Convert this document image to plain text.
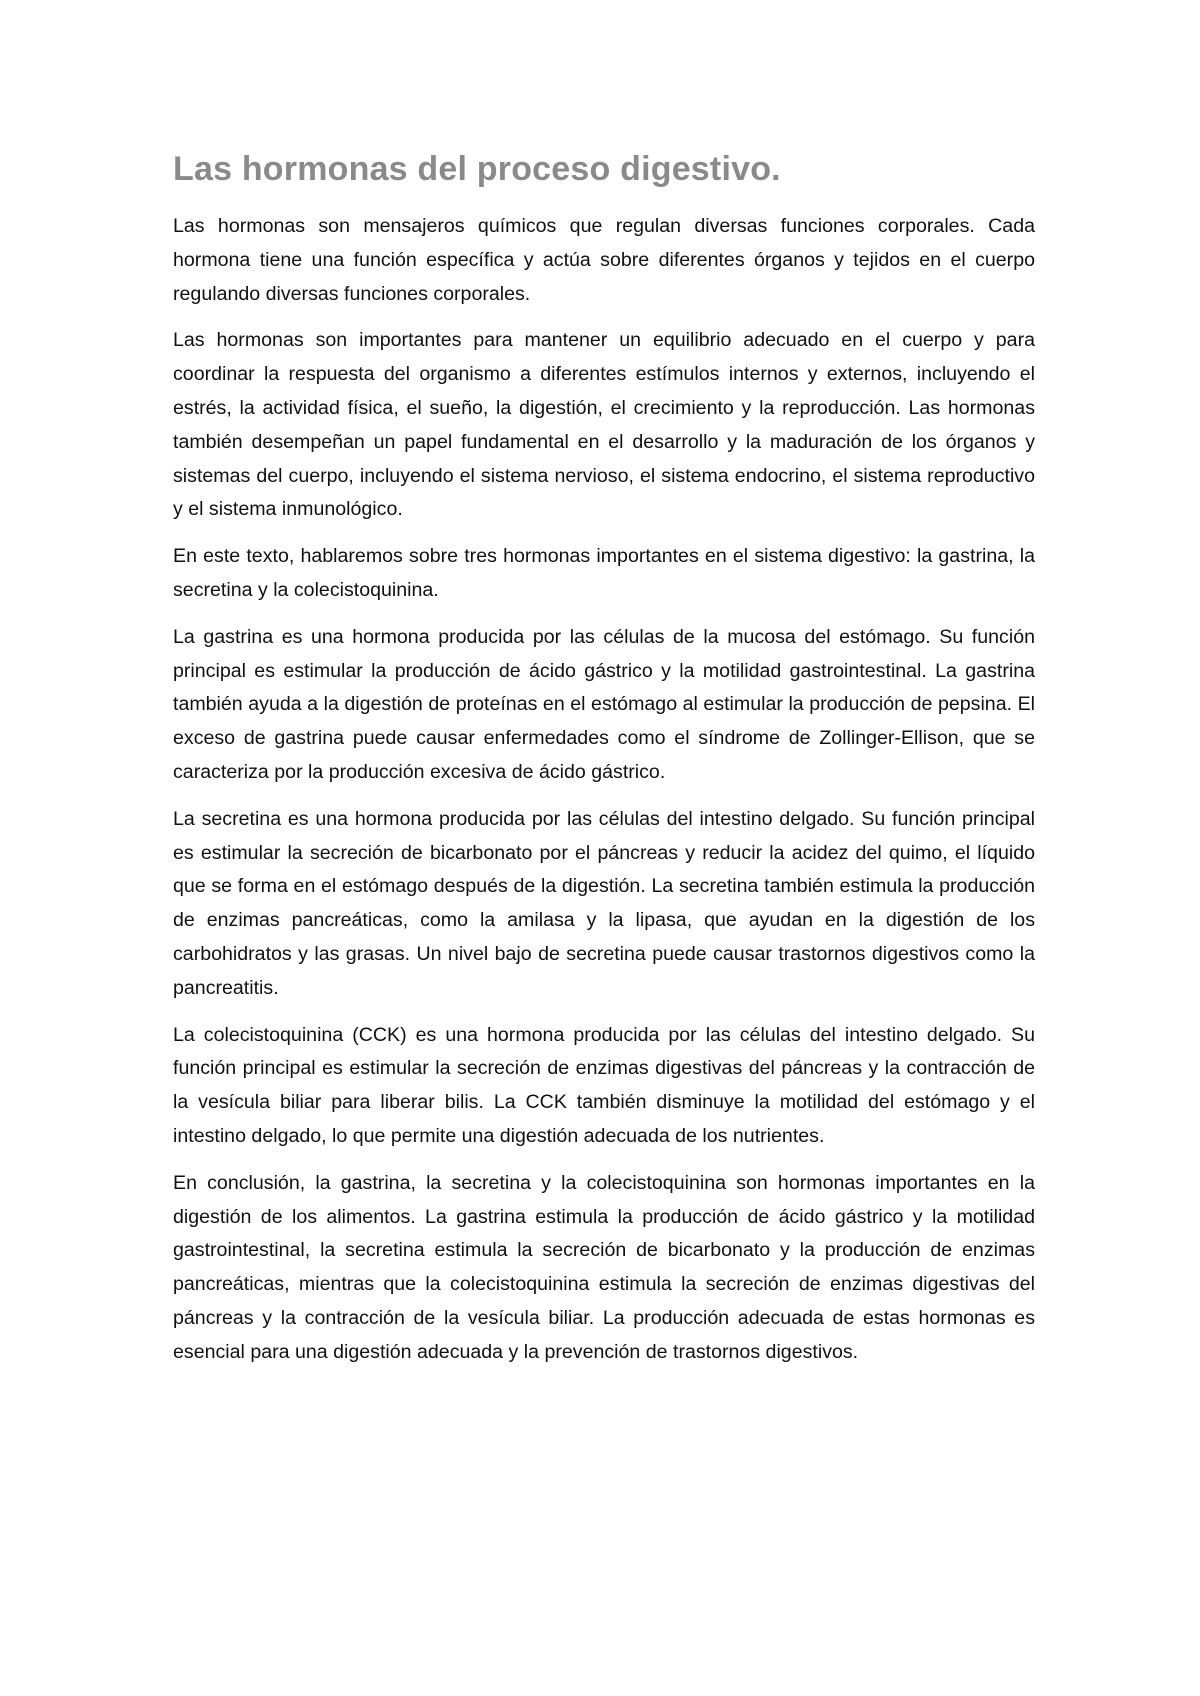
Las hormonas del proceso digestivo.

Las hormonas son mensajeros químicos que regulan diversas funciones corporales. Cada hormona tiene una función específica y actúa sobre diferentes órganos y tejidos en el cuerpo regulando diversas funciones corporales.

Las hormonas son importantes para mantener un equilibrio adecuado en el cuerpo y para coordinar la respuesta del organismo a diferentes estímulos internos y externos, incluyendo el estrés, la actividad física, el sueño, la digestión, el crecimiento y la reproducción. Las hormonas también desempeñan un papel fundamental en el desarrollo y la maduración de los órganos y sistemas del cuerpo, incluyendo el sistema nervioso, el sistema endocrino, el sistema reproductivo y el sistema inmunológico.

En este texto, hablaremos sobre tres hormonas importantes en el sistema digestivo: la gastrina, la secretina y la colecistoquinina.

La gastrina es una hormona producida por las células de la mucosa del estómago. Su función principal es estimular la producción de ácido gástrico y la motilidad gastrointestinal. La gastrina también ayuda a la digestión de proteínas en el estómago al estimular la producción de pepsina. El exceso de gastrina puede causar enfermedades como el síndrome de Zollinger-Ellison, que se caracteriza por la producción excesiva de ácido gástrico.

La secretina es una hormona producida por las células del intestino delgado. Su función principal es estimular la secreción de bicarbonato por el páncreas y reducir la acidez del quimo, el líquido que se forma en el estómago después de la digestión. La secretina también estimula la producción de enzimas pancreáticas, como la amilasa y la lipasa, que ayudan en la digestión de los carbohidratos y las grasas. Un nivel bajo de secretina puede causar trastornos digestivos como la pancreatitis.

La colecistoquinina (CCK) es una hormona producida por las células del intestino delgado. Su función principal es estimular la secreción de enzimas digestivas del páncreas y la contracción de la vesícula biliar para liberar bilis. La CCK también disminuye la motilidad del estómago y el intestino delgado, lo que permite una digestión adecuada de los nutrientes.

En conclusión, la gastrina, la secretina y la colecistoquinina son hormonas importantes en la digestión de los alimentos. La gastrina estimula la producción de ácido gástrico y la motilidad gastrointestinal, la secretina estimula la secreción de bicarbonato y la producción de enzimas pancreáticas, mientras que la colecistoquinina estimula la secreción de enzimas digestivas del páncreas y la contracción de la vesícula biliar. La producción adecuada de estas hormonas es esencial para una digestión adecuada y la prevención de trastornos digestivos.
